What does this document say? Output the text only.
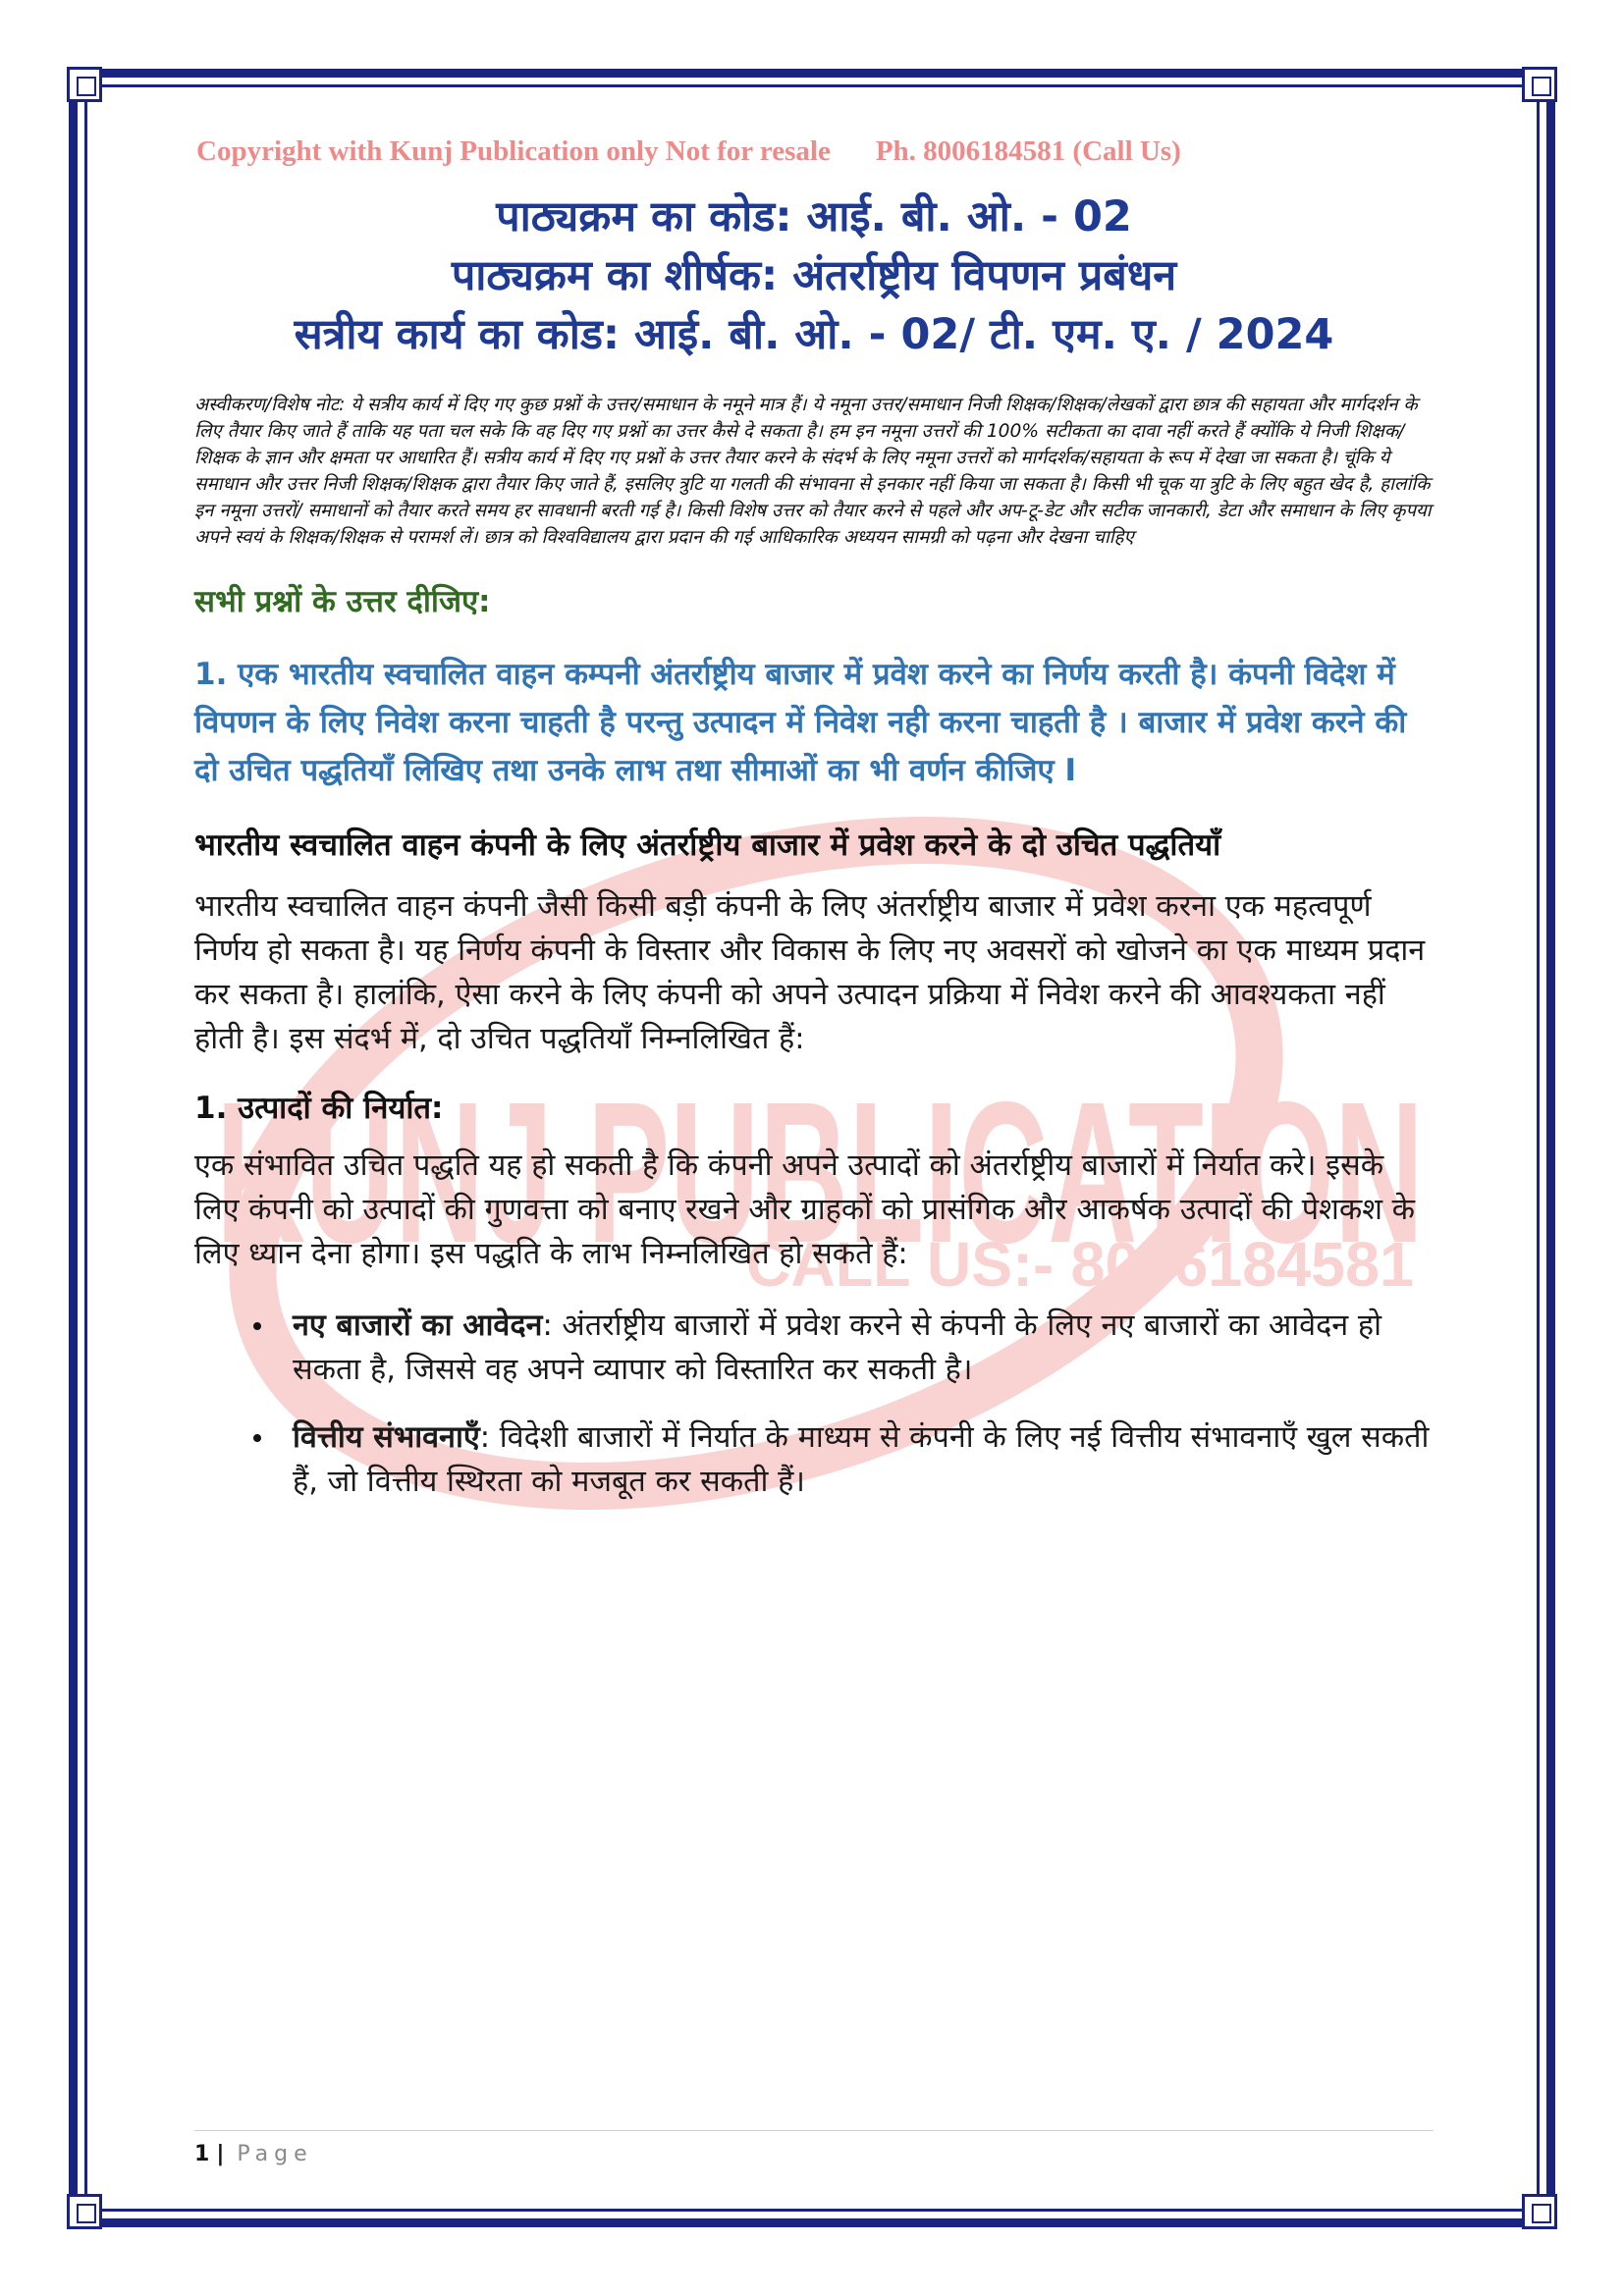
KUNJ PUBLICATION
CALL US:- 8006184581
Copyright with Kunj Publication only Not for resale Ph. 8006184581 (Call Us)
पाठ्यक्रम का कोड: आई. बी. ओ. - 02
पाठ्यक्रम का शीर्षक: अंतर्राष्ट्रीय विपणन प्रबंधन
सत्रीय कार्य का कोड: आई. बी. ओ. - 02/ टी. एम. ए. / 2024
अस्वीकरण/विशेष नोट: ये सत्रीय कार्य में दिए गए कुछ प्रश्नों के उत्तर/समाधान के नमूने मात्र हैं। ये नमूना उत्तर/समाधान निजी शिक्षक/शिक्षक/लेखकों द्वारा छात्र की सहायता और मार्गदर्शन के लिए तैयार किए जाते हैं ताकि यह पता चल सके कि वह दिए गए प्रश्नों का उत्तर कैसे दे सकता है। हम इन नमूना उत्तरों की 100% सटीकता का दावा नहीं करते हैं क्योंकि ये निजी शिक्षक/शिक्षक के ज्ञान और क्षमता पर आधारित हैं। सत्रीय कार्य में दिए गए प्रश्नों के उत्तर तैयार करने के संदर्भ के लिए नमूना उत्तरों को मार्गदर्शक/सहायता के रूप में देखा जा सकता है। चूंकि ये समाधान और उत्तर निजी शिक्षक/शिक्षक द्वारा तैयार किए जाते हैं, इसलिए त्रुटि या गलती की संभावना से इनकार नहीं किया जा सकता है। किसी भी चूक या त्रुटि के लिए बहुत खेद है, हालांकि इन नमूना उत्तरों/ समाधानों को तैयार करते समय हर सावधानी बरती गई है। किसी विशेष उत्तर को तैयार करने से पहले और अप-टू-डेट और सटीक जानकारी, डेटा और समाधान के लिए कृपया अपने स्वयं के शिक्षक/शिक्षक से परामर्श लें। छात्र को विश्वविद्यालय द्वारा प्रदान की गई आधिकारिक अध्ययन सामग्री को पढ़ना और देखना चाहिए
सभी प्रश्नों के उत्तर दीजिए:
1. एक भारतीय स्वचालित वाहन कम्पनी अंतर्राष्ट्रीय बाजार में प्रवेश करने का निर्णय करती है। कंपनी विदेश में विपणन के लिए निवेश करना चाहती है परन्तु उत्पादन में निवेश नही करना चाहती है । बाजार में प्रवेश करने की दो उचित पद्धतियाँ लिखिए तथा उनके लाभ तथा सीमाओं का भी वर्णन कीजिए I
भारतीय स्वचालित वाहन कंपनी के लिए अंतर्राष्ट्रीय बाजार में प्रवेश करने के दो उचित पद्धतियाँ
भारतीय स्वचालित वाहन कंपनी जैसी किसी बड़ी कंपनी के लिए अंतर्राष्ट्रीय बाजार में प्रवेश करना एक महत्वपूर्ण निर्णय हो सकता है। यह निर्णय कंपनी के विस्तार और विकास के लिए नए अवसरों को खोजने का एक माध्यम प्रदान कर सकता है। हालांकि, ऐसा करने के लिए कंपनी को अपने उत्पादन प्रक्रिया में निवेश करने की आवश्यकता नहीं होती है। इस संदर्भ में, दो उचित पद्धतियाँ निम्नलिखित हैं:
1. उत्पादों की निर्यात:
एक संभावित उचित पद्धति यह हो सकती है कि कंपनी अपने उत्पादों को अंतर्राष्ट्रीय बाजारों में निर्यात करे। इसके लिए कंपनी को उत्पादों की गुणवत्ता को बनाए रखने और ग्राहकों को प्रासंगिक और आकर्षक उत्पादों की पेशकश के लिए ध्यान देना होगा। इस पद्धति के लाभ निम्नलिखित हो सकते हैं:
नए बाजारों का आवेदन: अंतर्राष्ट्रीय बाजारों में प्रवेश करने से कंपनी के लिए नए बाजारों का आवेदन हो सकता है, जिससे वह अपने व्यापार को विस्तारित कर सकती है।
वित्तीय संभावनाएँ: विदेशी बाजारों में निर्यात के माध्यम से कंपनी के लिए नई वित्तीय संभावनाएँ खुल सकती हैं, जो वित्तीय स्थिरता को मजबूत कर सकती हैं।
1 | Page
